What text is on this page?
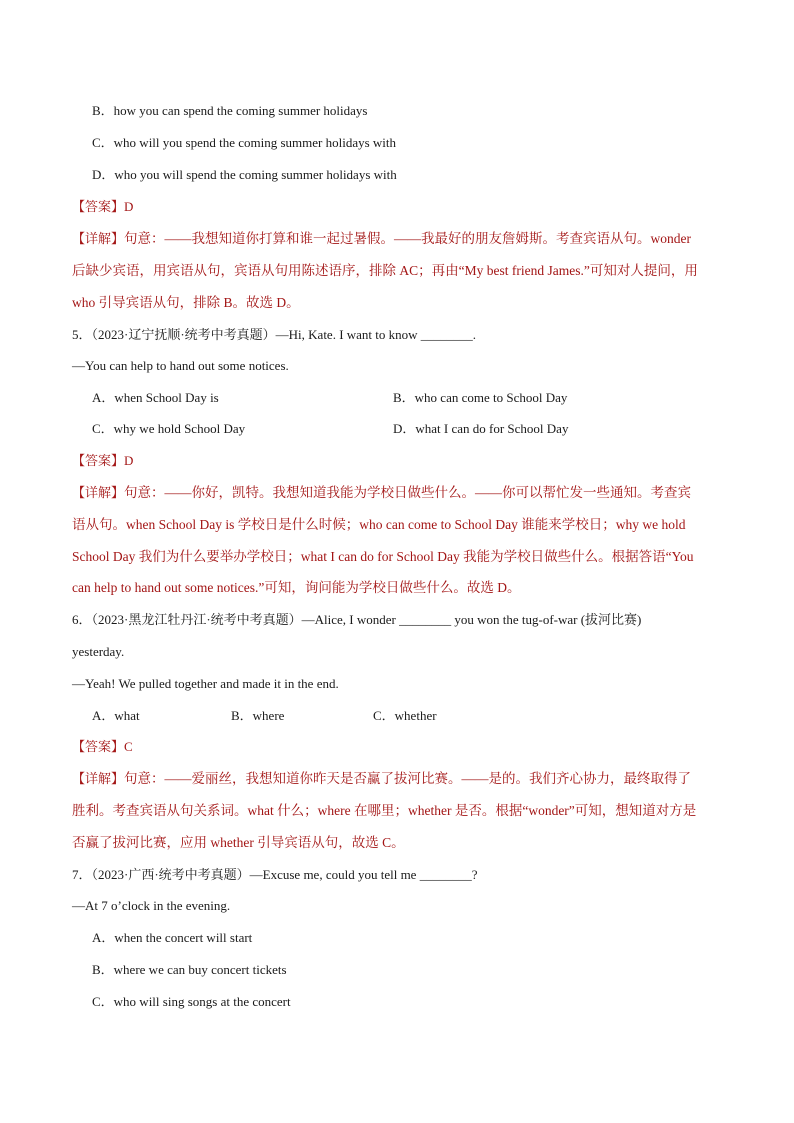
B．how you can spend the coming summer holidays
C．who will you spend the coming summer holidays with
D．who you will spend the coming summer holidays with
【答案】D
【详解】句意：——我想知道你打算和谁一起过暑假。——我最好的朋友詹姆斯。考查宾语从句。wonder
后缺少宾语，用宾语从句，宾语从句用陈述语序，排除 AC；再由“My best friend James.”可知对人提问，用
who 引导宾语从句，排除 B。故选 D。
5．（2023·辽宁抚顺·统考中考真题）—Hi, Kate. I want to know ________.
—You can help to hand out some notices.
A．when School Day is	B．who can come to School Day
C．why we hold School Day	D．what I can do for School Day
【答案】D
【详解】句意：——你好，凯特。我想知道我能为学校日做些什么。——你可以帮忙发一些通知。考查宾
语从句。when School Day is 学校日是什么时候；who can come to School Day 谁能来学校日；why we hold
School Day 我们为什么要举办学校日；what I can do for School Day 我能为学校日做些什么。根据答语“You
can help to hand out some notices.”可知，询问能为学校日做些什么。故选 D。
6．（2023·黑龙江牡丹江·统考中考真题）—Alice, I wonder ________ you won the tug-of-war (拔河比赛)
yesterday.
—Yeah! We pulled together and made it in the end.
A．what	B．where	C．whether
【答案】C
【详解】句意：——爱丽丝，我想知道你昨天是否赢了拔河比赛。——是的。我们齐心协力，最终取得了
胜利。考查宾语从句关系词。what 什么；where 在哪里；whether 是否。根据“wonder”可知，想知道对方是
否赢了拔河比赛，应用 whether 引导宾语从句，故选 C。
7．（2023·广西·统考中考真题）—Excuse me, could you tell me ________?
—At 7 o’clock in the evening.
A．when the concert will start
B．where we can buy concert tickets
C．who will sing songs at the concert
